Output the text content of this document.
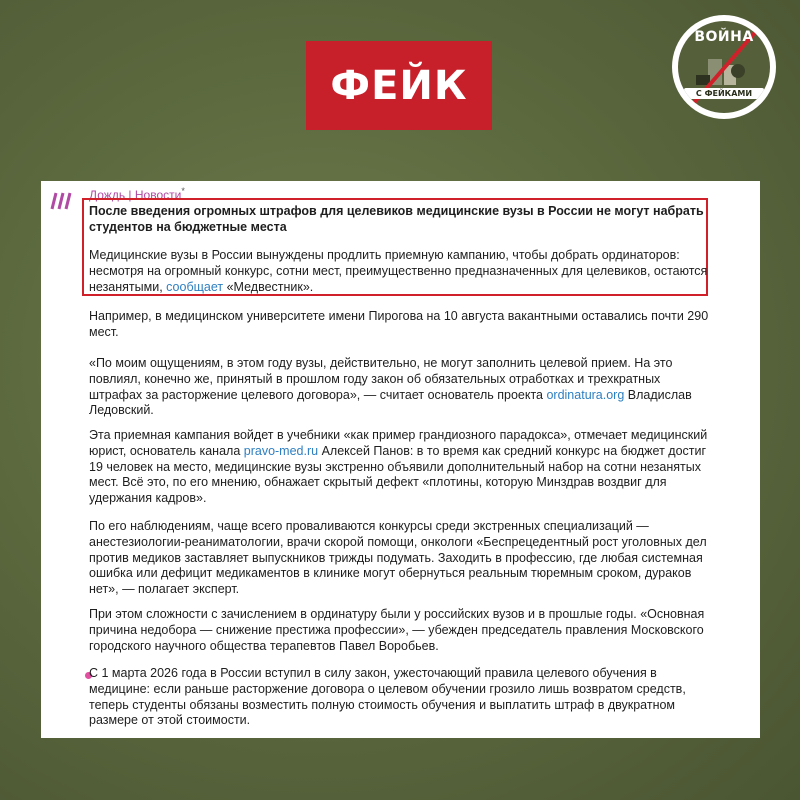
ФЕЙК
ВОЙНА
С ФЕЙКАМИ
Дождь | Новости*
После введения огромных штрафов для целевиков медицинские вузы в России не могут набрать студентов на бюджетные места
Медицинские вузы в России вынуждены продлить приемную кампанию, чтобы добрать ординаторов: несмотря на огромный конкурс, сотни мест, преимущественно предназначенных для целевиков, остаются незанятыми, сообщает «Медвестник».
Например, в медицинском университете имени Пирогова на 10 августа вакантными оставались почти 290 мест.
«По моим ощущениям, в этом году вузы, действительно, не могут заполнить целевой прием. На это повлиял, конечно же, принятый в прошлом году закон об обязательных отработках и трехкратных штрафах за расторжение целевого договора», — считает основатель проекта ordinatura.org Владислав Ледовский.
Эта приемная кампания войдет в учебники «как пример грандиозного парадокса», отмечает медицинский юрист, основатель канала pravo-med.ru Алексей Панов: в то время как средний конкурс на бюджет достиг 19 человек на место, медицинские вузы экстренно объявили дополнительный набор на сотни незанятых мест. Всё это, по его мнению, обнажает скрытый дефект «плотины, которую Минздрав воздвиг для удержания кадров».
По его наблюдениям, чаще всего проваливаются конкурсы среди экстренных специализаций — анестезиологии-реаниматологии, врачи скорой помощи, онкологи «Беспрецедентный рост уголовных дел против медиков заставляет выпускников трижды подумать. Заходить в профессию, где любая системная ошибка или дефицит медикаментов в клинике могут обернуться реальным тюремным сроком, дураков нет», — полагает эксперт.
При этом сложности с зачислением в ординатуру были у российских вузов и в прошлые годы. «Основная причина недобора — снижение престижа профессии», — убежден председатель правления Московского городского научного общества терапевтов Павел Воробьев.
С 1 марта 2026 года в России вступил в силу закон, ужесточающий правила целевого обучения в медицине: если раньше расторжение договора о целевом обучении грозило лишь возвратом средств, теперь студенты обязаны возместить полную стоимость обучения и выплатить штраф в двукратном размере от этой стоимости.
